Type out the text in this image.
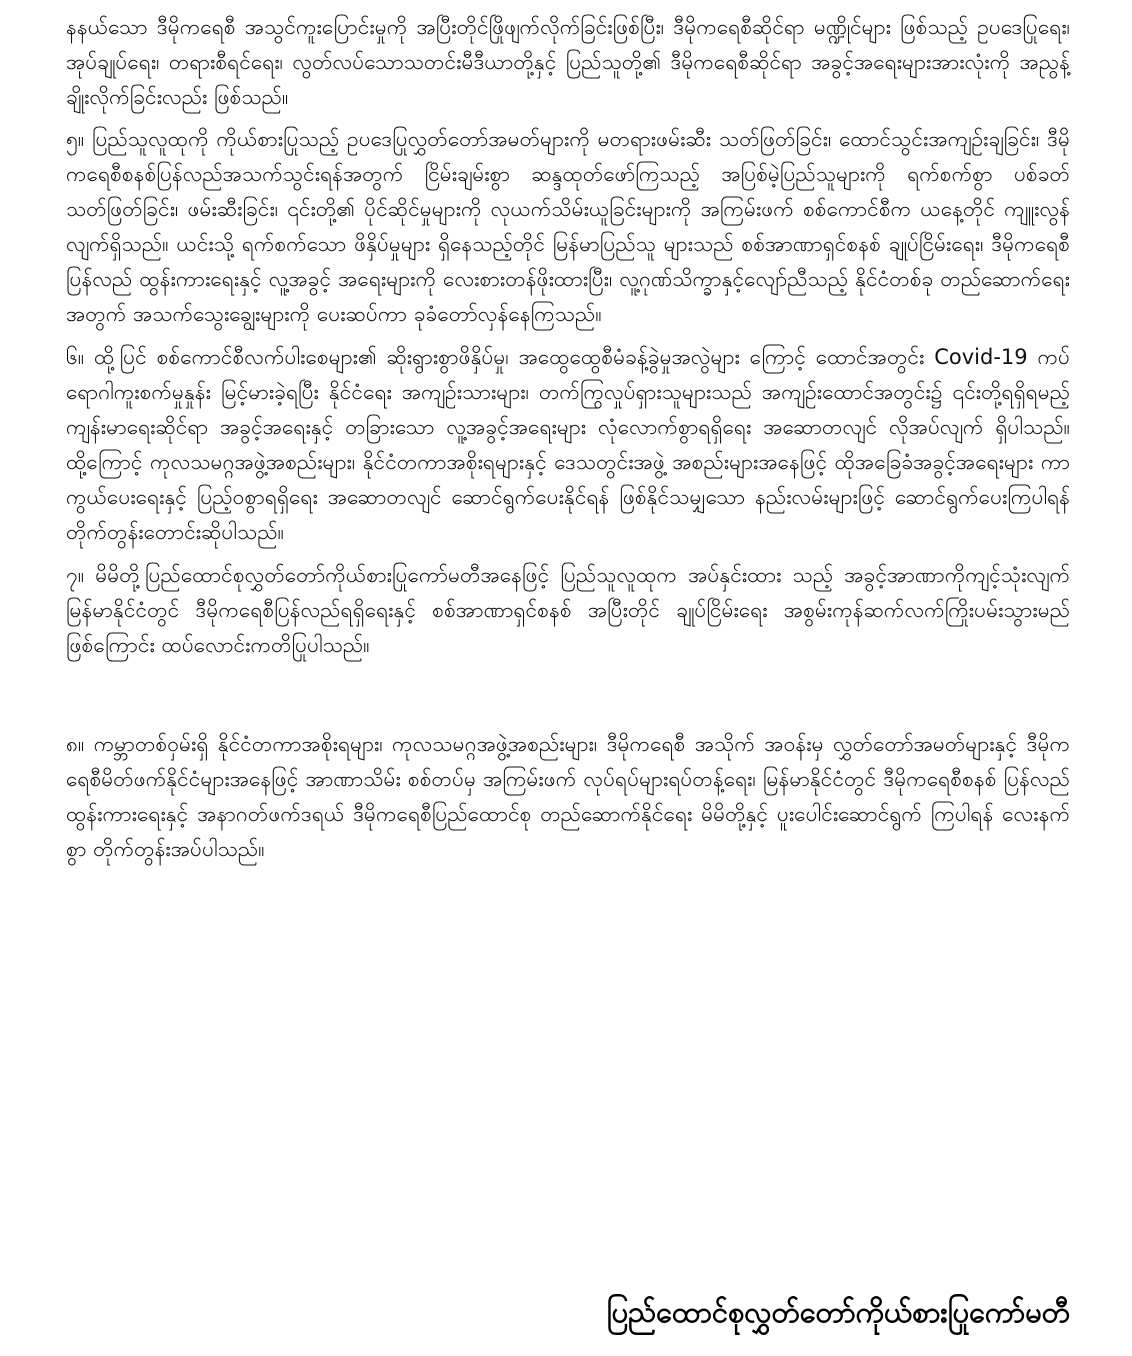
နနယ်သော ဒီမိုကရေစီ အသွင်ကူးပြောင်းမှုကို အပြီးတိုင်ဖြိုဖျက်လိုက်ခြင်းဖြစ်ပြီး၊ ဒီမိုကရေစီဆိုင်ရာ မဏ္ဍိုင်များ ဖြစ်သည့် ဥပဒေပြုရေး၊ အုပ်ချုပ်ရေး၊ တရားစီရင်ရေး၊ လွတ်လပ်သောသတင်းမီဒီယာတို့နှင့် ပြည်သူတို့၏ ဒီမိုကရေစီဆိုင်ရာ အခွင့်အရေးများအားလုံးကို အညွန့်ချိုးလိုက်ခြင်းလည်း ဖြစ်သည်။

၅။ ပြည်သူလူထုကို ကိုယ်စားပြုသည့် ဥပဒေပြုလွှတ်တော်အမတ်များကို မတရားဖမ်းဆီး သတ်ဖြတ်ခြင်း၊ ထောင်သွင်းအကျဉ်းချခြင်း၊ ဒီမိုကရေစီစနစ်ပြန်လည်အသက်သွင်းရန်အတွက် ငြိမ်းချမ်းစွာ ဆန္ဒထုတ်ဖော်ကြသည့် အပြစ်မဲ့ပြည်သူများကို ရက်စက်စွာ ပစ်ခတ်သတ်ဖြတ်ခြင်း၊ ဖမ်းဆီးခြင်း၊ ၎င်းတို့၏ ပိုင်ဆိုင်မှုများကို လုယက်သိမ်းယူခြင်းများကို အကြမ်းဖက် စစ်ကောင်စီက ယနေ့တိုင် ကျူးလွန်လျက်ရှိသည်။ ယင်းသို့ ရက်စက်သော ဖိနှိပ်မှုများ ရှိနေသည့်တိုင် မြန်မာပြည်သူ များသည် စစ်အာဏာရှင်စနစ် ချုပ်ငြိမ်းရေး၊ ဒီမိုကရေစီ ပြန်လည် ထွန်းကားရေးနှင့် လူ့အခွင့် အရေးများကို လေးစားတန်ဖိုးထားပြီး၊ လူ့ဂုဏ်သိက္ခာနှင့်လျော်ညီသည့် နိုင်ငံတစ်ခု တည်ဆောက်ရေး အတွက် အသက်သွေးချွေးများကို ပေးဆပ်ကာ ခုခံတော်လှန်နေကြသည်။

၆။ ထို့ပြင် စစ်ကောင်စီလက်ပါးစေများ၏ ဆိုးရွားစွာဖိနှိပ်မှု၊ အထွေထွေစီမံခန့်ခွဲမှုအလွဲများ ကြောင့် ထောင်အတွင်း Covid-19 ကပ်ရောဂါကူးစက်မှုနှုန်း မြင့်မားခဲ့ရပြီး နိုင်ငံရေး အကျဉ်းသားများ၊ တက်ကြွလှုပ်ရှားသူများသည် အကျဉ်းထောင်အတွင်း၌ ၎င်းတို့ရရှိရမည့် ကျန်းမာရေးဆိုင်ရာ အခွင့်အရေးနှင့် တခြားသော လူ့အခွင့်အရေးများ လုံလောက်စွာရရှိရေး အဆောတလျင် လိုအပ်လျက် ရှိပါသည်။ ထို့ကြောင့် ကုလသမဂ္ဂအဖွဲ့အစည်းများ၊ နိုင်ငံတကာအစိုးရများနှင့် ဒေသတွင်းအဖွဲ့ အစည်းများအနေဖြင့် ထိုအခြေခံအခွင့်အရေးများ ကာကွယ်ပေးရေးနှင့် ပြည့်ဝစွာရရှိရေး အဆောတလျင် ဆောင်ရွက်ပေးနိုင်ရန် ဖြစ်နိုင်သမျှသော နည်းလမ်းများဖြင့် ဆောင်ရွက်ပေးကြပါရန် တိုက်တွန်းတောင်းဆိုပါသည်။

၇။ မိမိတို့ပြည်ထောင်စုလွှတ်တော်ကိုယ်စားပြုကော်မတီအနေဖြင့် ပြည်သူလူထုက အပ်နှင်းထား သည့် အခွင့်အာဏာကိုကျင့်သုံးလျက် မြန်မာနိုင်ငံတွင် ဒီမိုကရေစီပြန်လည်ရရှိရေးနှင့် စစ်အာဏာရှင်စနစ် အပြီးတိုင် ချုပ်ငြိမ်းရေး အစွမ်းကုန်ဆက်လက်ကြိုးပမ်းသွားမည်ဖြစ်ကြောင်း ထပ်လောင်းကတိပြုပါသည်။

၈။ ကမ္ဘာတစ်ဝှမ်းရှိ နိုင်ငံတကာအစိုးရများ၊ ကုလသမဂ္ဂအဖွဲ့အစည်းများ၊ ဒီမိုကရေစီ အသိုက် အဝန်းမှ လွှတ်တော်အမတ်များနှင့် ဒီမိုကရေစီမိတ်ဖက်နိုင်ငံများအနေဖြင့် အာဏာသိမ်း စစ်တပ်မှ အကြမ်းဖက် လုပ်ရပ်များရပ်တန့်ရေး၊ မြန်မာနိုင်ငံတွင် ဒီမိုကရေစီစနစ် ပြန်လည်ထွန်းကားရေးနှင့် အနာဂတ်ဖက်ဒရယ် ဒီမိုကရေစီပြည်ထောင်စု တည်ဆောက်နိုင်ရေး မိမိတို့နှင့် ပူးပေါင်းဆောင်ရွက် ကြပါရန် လေးနက်စွာ တိုက်တွန်းအပ်ပါသည်။

ပြည်ထောင်စုလွှတ်တော်ကိုယ်စားပြုကော်မတီ
